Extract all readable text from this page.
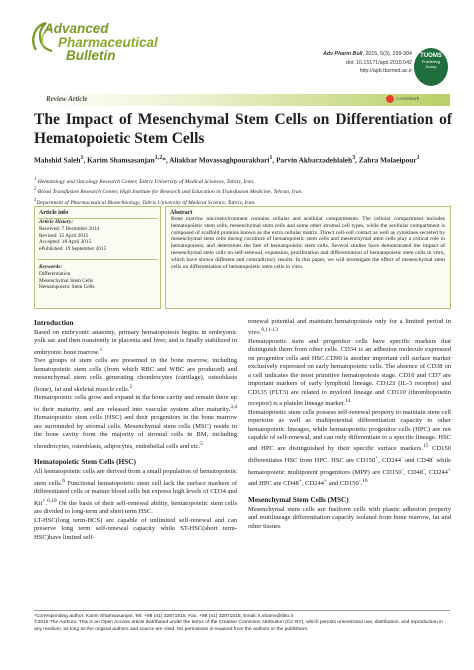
Advanced
Pharmaceutical
Bulletin	Adv Pharm Bull, 2015, 5(3), 299-304
doi: 10.15171/apb.2015.042
http://apb.tbzmed.ac.ir
TUOMS
Publishing
Group
Review Article	CrossMark
The Impact of Mesenchymal Stem Cells on Differentiation of Hematopoietic Stem Cells
Mahshid Saleh$^1$, Karim Shamsasanjan$^{1,2}$*, Aliakbar Movassaghpourakbari$^1$, Parvin Akbarzadehlaleh$^3$, Zahra Molaeipour$^1$
$^1$ Hematology and Oncology Research Center, Tabriz University of Medical Sciences, Tabriz, Iran.
$^2$ Blood Transfusion Research Center, High Institute for Research and Education in Transfusion Medicine, Tehran, Iran.
$^3$Department of Pharmaceutical Biotechnology, Tabriz University of Medical Science, Tabriz, Iran.
Article info
Article History:
Received: 7 December 2014
Revised: 15 April 2015
Accepted: 18 April 2015
ePublished: 19 September 2015
Keywords:
Differentiation
Mesenchymal Stem Cells
Hematopoietic Stem Cells
Abstract
Bone marrow microenvironment contains cellular and acellular compartments. The cellular compartment includes hematopoietic stem cells, mesenchymal stem cells and some other stromal cell types, while the acellular compartment is composed of scaffold proteins known as the extra cellular matrix. Direct cell-cell contact as well as cytokines secreted by mesenchymal stem cells during coculture of hematopoietic stem cells and mesenchymal stem cells play a critical role in hematopoiesis, and determines the fate of hematopoietic stem cells. Several studies have demonstrated the impact of mesenchymal stem cells on self-renewal, expansion, proliferation and differentiation of hematopoietic stem cells in vitro, which have shown different and contradictory results. In this paper, we will investigate the effect of mesenchymal stem cells on differentiation of hematopoietic stem cells in vitro.
Introduction
Based on embryonic anatomy, primary hematopoiesis begins in embryonic yolk sac and then transiently in placenta and liver, and is finally stabilized in embryonic bone marrow.$^1$
Two groups of stem cells are presented in the bone marrow, including hematopoietic stem cells (from which RBC and WBC are produced) and mesenchymal stem cells generating chondrocytes (cartilage), osteoblasts (bone), fat and skeletal muscle cells.$^2$
Hematopoietic cells grow and expand in the bone cavity and remain there up to their maturity, and are released into vascular system after maturity.$^{3,4}$ Hematopoietic stem cells (HSC) and their progenitors in the bone marrow are surrounded by stromal cells. Mesenchymal stem cells (MSC) reside in the bone cavity form the majority of stromal cells in BM, including chondrocytes, osteoblasts, adipocytes, endothelial cells and etc.$^5$
Hematopoietic Stem Cells (HSC)
All hematopoietic cells are derived from a small population of hematopoietic stem cells.$^6$ Functional hematopoietic stem cell lack the surface markers of differentiated cells or mature blood cells but express high levels of CD34 and Kit+.$^{6,10}$ On the basis of their self-renewal ability, hematopoietic stem cells are divided to long-term and short term HSC.
LT-HSC(long term-HCS) are capable of unlimited self-renewal and can preserve long term self-renewal capacity while ST-HSC(short term-HSC)have limited self-
renewal potential and maintain hematopoiesis only for a limited period in vivo.$^{8,11-13}$
Hematopoietic stem and progenitor cells have specific markers that distinguish them from other cells. CD34 is an adhesion molecule expressed on progenitor cells and HSC.CD90 is another important cell surface marker exclusively expressed on early hematopoietic cells. The absence of CD38 on a cell indicates the most primitive hematopoiesis stage. CD10 and CD7 are important markers of early lymphoid lineage. CD123 (IL-3 receptor) and CD135 (FLT3) are related to myeloid lineage and CD110 (thrombopoietin receptor) is a platelet lineage marker.$^{14}$
Hematopoietic stem cells possess self-renewal property to maintain stem cell repertoire as well as multipotential differentiation capacity to other hematopoietic lineages, while hematopoietic progenitor cells (HPC) are not capable of self-renewal, and can only differentiate to a specific lineage. HSC and HPC are distinguished by their specific surface markers.$^{15}$ CD150 differentiates HSC from HPC. HSC are CD150+, CD244- and CD48- while hematopoietic multipotent progenitors (MPP) are CD150-, CD48-, CD244+ and HPC are CD48+, CD244+ and CD150-.$^{16}$
Mesenchymal Stem Cells (MSC)
Mesenchymal stem cells are fusiform cells with plastic adhesion property and mutilineage differentiation capacity isolated from bone marrow, fat and other tissues
*Corresponding author: Karim Shamsasanjan, Tel: +98 (41) 32871515, Fax: +98 (41) 32871515, Email: k.shams@ibto.ir
©2015 The Authors. This is an Open Access article distributed under the terms of the Creative Commons Attribution (CC BY), which permits unrestricted use, distribution, and reproduction in any medium, as long as the original authors and source are cited. No permission is required from the authors or the publishers.
